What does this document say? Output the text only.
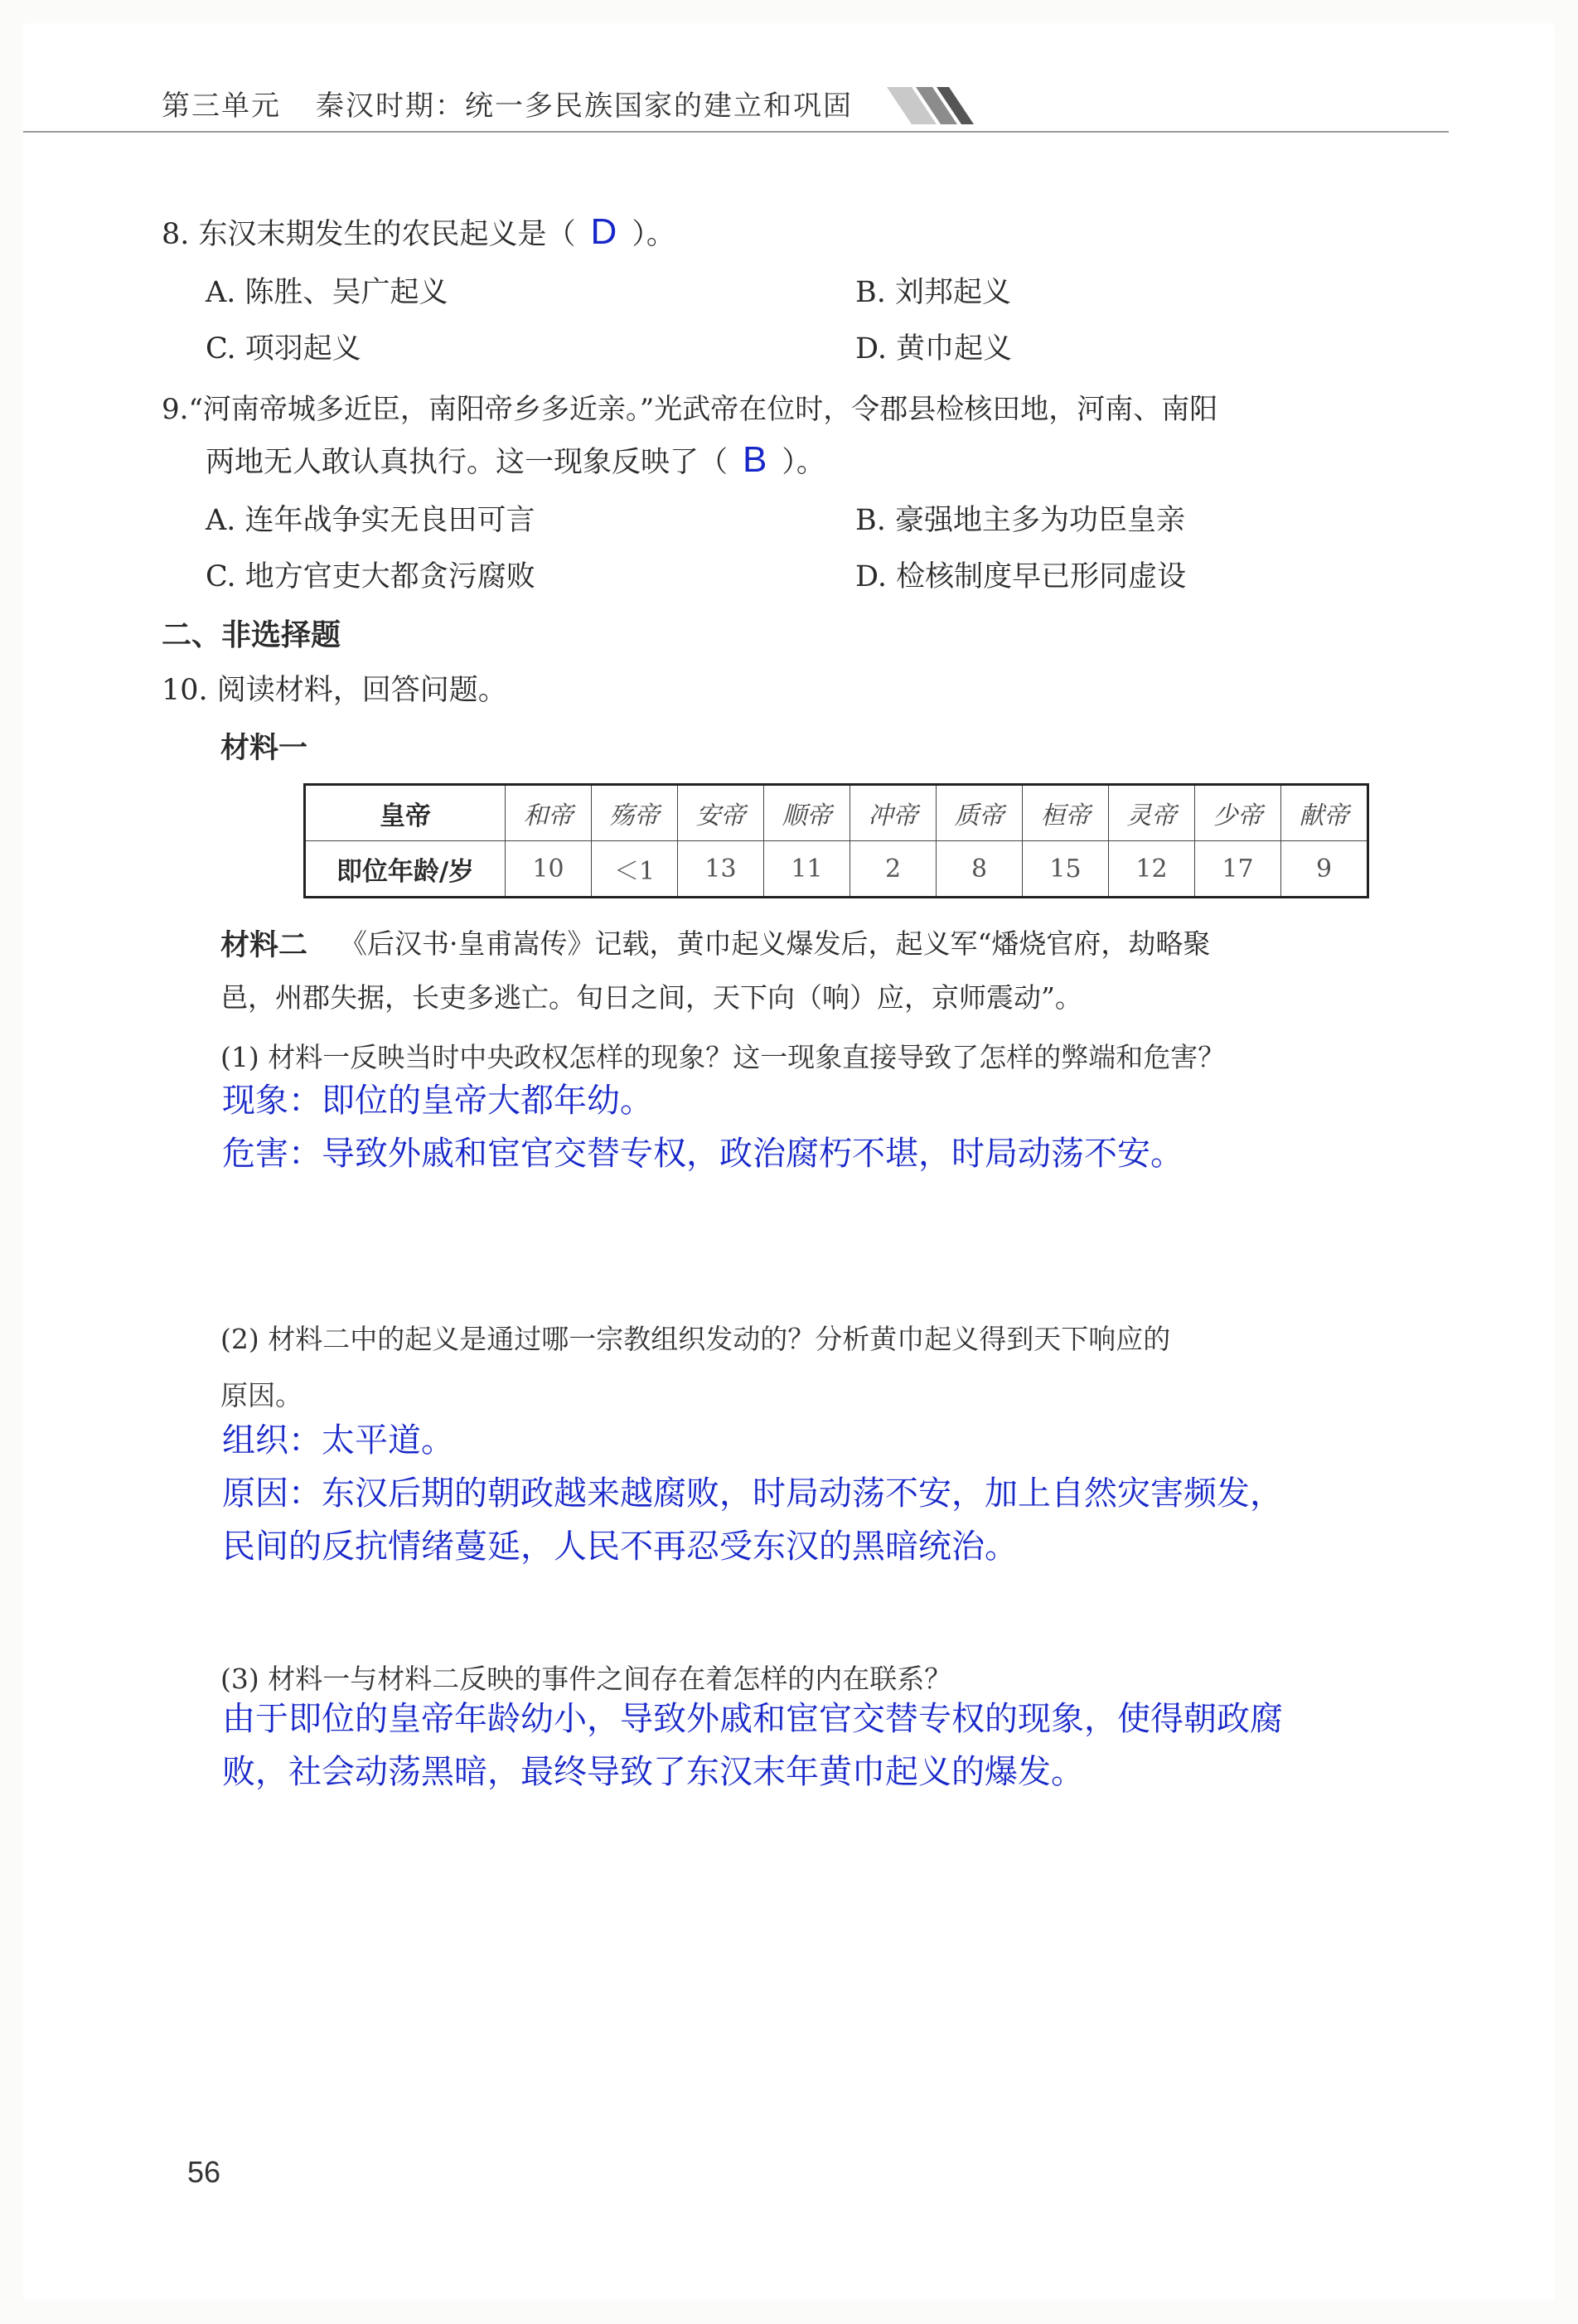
第三单元 秦汉时期：统一多民族国家的建立和巩固
8. 东汉末期发生的农民起义是（ D ）。
A. 陈胜、吴广起义	B. 刘邦起义
C. 项羽起义	D. 黄巾起义
9.“河南帝城多近臣，南阳帝乡多近亲。”光武帝在位时，令郡县检核田地，河南、南阳
两地无人敢认真执行。这一现象反映了（ B ）。
A. 连年战争实无良田可言	B. 豪强地主多为功臣皇亲
C. 地方官吏大都贪污腐败	D. 检核制度早已形同虚设
二、非选择题
10. 阅读材料，回答问题。
材料一
皇帝	和帝	殇帝	安帝	顺帝	冲帝	质帝	桓帝	灵帝	少帝	献帝
即位年龄/岁	10	＜1	13	11	2	8	15	12	17	9
材料二 《后汉书·皇甫嵩传》记载，黄巾起义爆发后，起义军“燔烧官府，劫略聚
邑，州郡失据，长吏多逃亡。旬日之间，天下向（响）应，京师震动”。
(1) 材料一反映当时中央政权怎样的现象？这一现象直接导致了怎样的弊端和危害？
现象：即位的皇帝大都年幼。
危害：导致外戚和宦官交替专权，政治腐朽不堪，时局动荡不安。
(2) 材料二中的起义是通过哪一宗教组织发动的？分析黄巾起义得到天下响应的
原因。
组织：太平道。
原因：东汉后期的朝政越来越腐败，时局动荡不安，加上自然灾害频发，
民间的反抗情绪蔓延，人民不再忍受东汉的黑暗统治。
(3) 材料一与材料二反映的事件之间存在着怎样的内在联系？
由于即位的皇帝年龄幼小，导致外戚和宦官交替专权的现象，使得朝政腐
败，社会动荡黑暗，最终导致了东汉末年黄巾起义的爆发。
56
